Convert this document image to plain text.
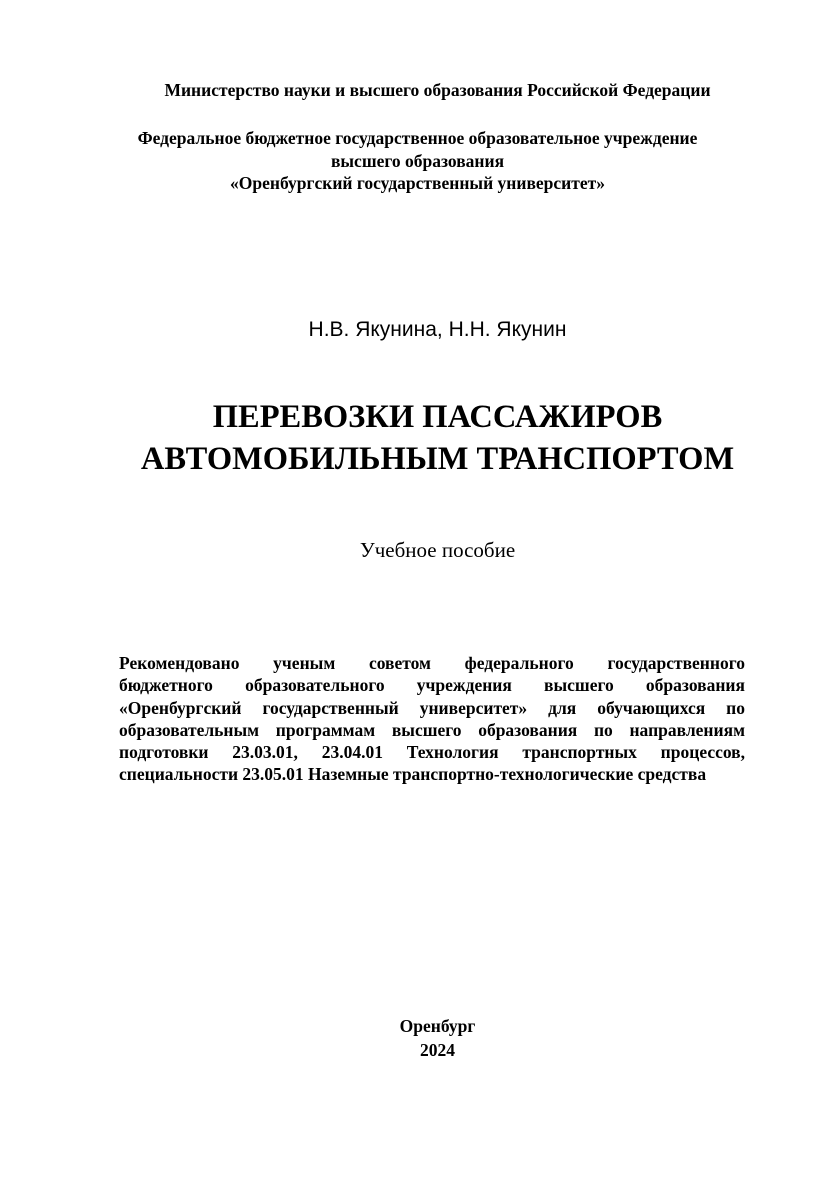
Министерство науки и высшего образования Российской Федерации
Федеральное бюджетное государственное образовательное учреждение
высшего образования
«Оренбургский государственный университет»
Н.В. Якунина, Н.Н. Якунин
ПЕРЕВОЗКИ ПАССАЖИРОВ
АВТОМОБИЛЬНЫМ ТРАНСПОРТОМ
Учебное пособие
Рекомендовано ученым советом федерального государственного
бюджетного образовательного учреждения высшего образования
«Оренбургский государственный университет» для обучающихся по
образовательным программам высшего образования по направлениям
подготовки 23.03.01, 23.04.01 Технология транспортных процессов,
специальности 23.05.01 Наземные транспортно-технологические средства
Оренбург
2024
